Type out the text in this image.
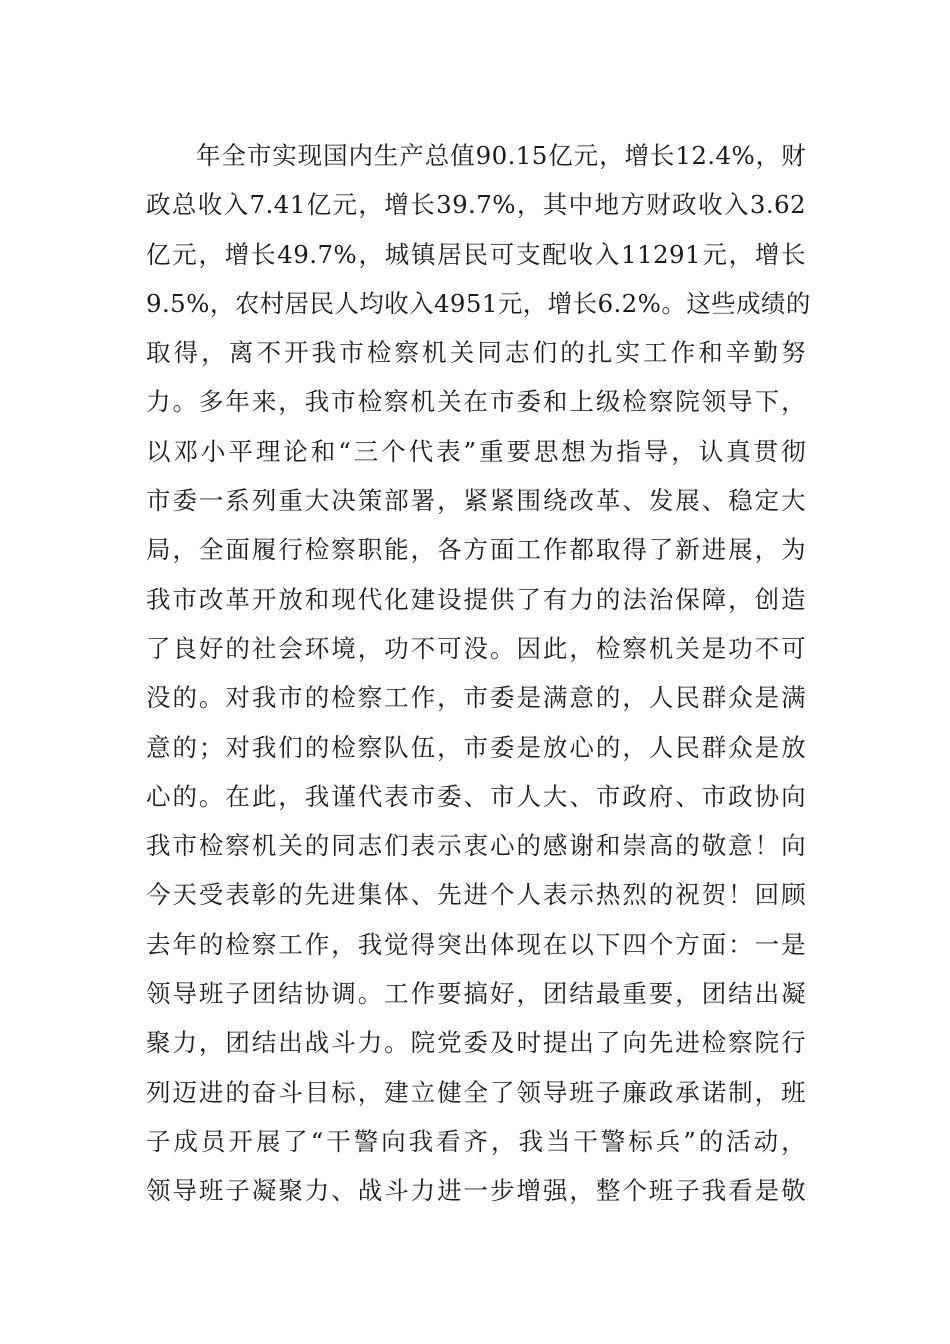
年全市实现国内生产总值90.15亿元，增长12.4%，财
政总收入7.41亿元，增长39.7%，其中地方财政收入3.62
亿元，增长49.7%，城镇居民可支配收入11291元，增长
9.5%，农村居民人均收入4951元，增长6.2%。这些成绩的
取得，离不开我市检察机关同志们的扎实工作和辛勤努
力。多年来，我市检察机关在市委和上级检察院领导下，
以邓小平理论和“三个代表”重要思想为指导，认真贯彻
市委一系列重大决策部署，紧紧围绕改革、发展、稳定大
局，全面履行检察职能，各方面工作都取得了新进展，为
我市改革开放和现代化建设提供了有力的法治保障，创造
了良好的社会环境，功不可没。因此，检察机关是功不可
没的。对我市的检察工作，市委是满意的，人民群众是满
意的；对我们的检察队伍，市委是放心的，人民群众是放
心的。在此，我谨代表市委、市人大、市政府、市政协向
我市检察机关的同志们表示衷心的感谢和崇高的敬意！向
今天受表彰的先进集体、先进个人表示热烈的祝贺！回顾
去年的检察工作，我觉得突出体现在以下四个方面：一是
领导班子团结协调。工作要搞好，团结最重要，团结出凝
聚力，团结出战斗力。院党委及时提出了向先进检察院行
列迈进的奋斗目标，建立健全了领导班子廉政承诺制，班
子成员开展了“干警向我看齐，我当干警标兵”的活动，
领导班子凝聚力、战斗力进一步增强，整个班子我看是敬
